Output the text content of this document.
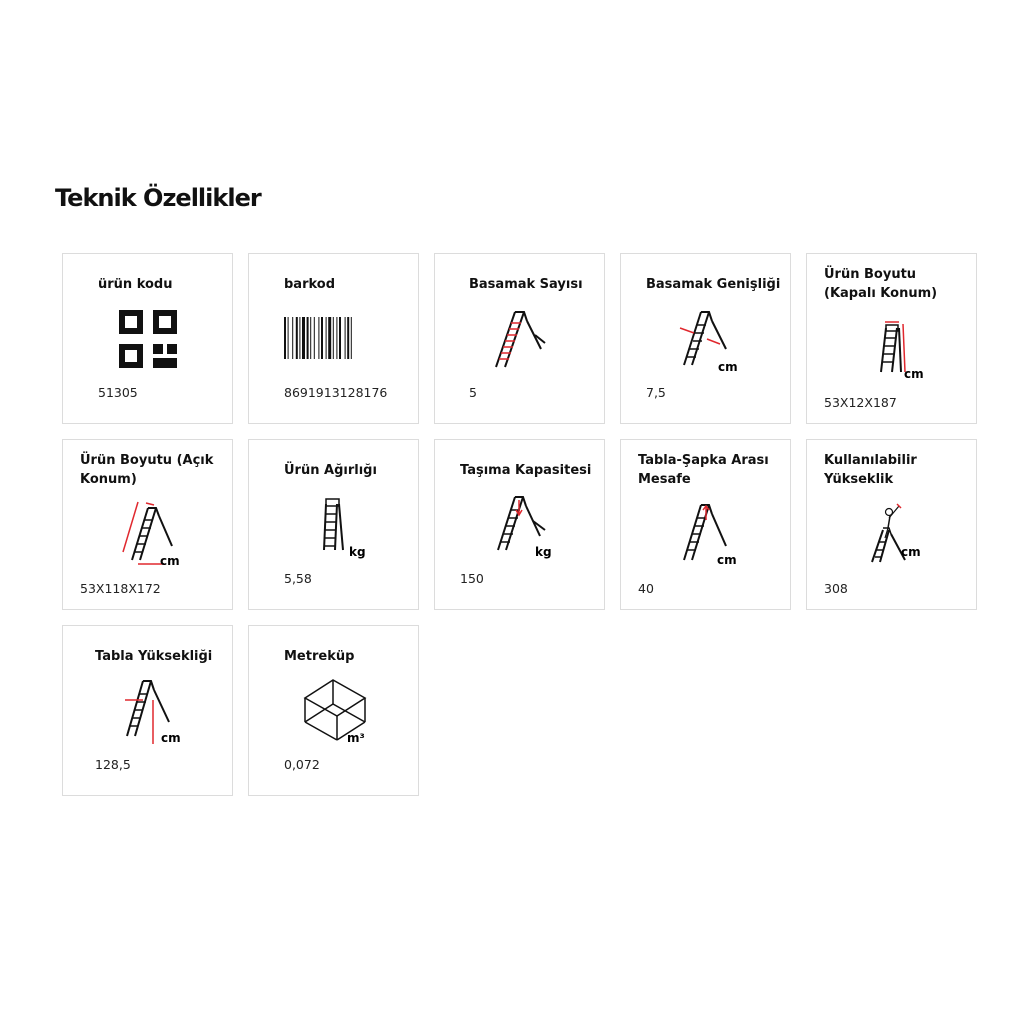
Teknik Özellikler

ürün kodu

51305

barkod

8691913128176

Basamak Sayısı

5

Basamak Genişliği

cm
7,5

Ürün Boyutu (Kapalı Konum)

cm
53X12X187

Ürün Boyutu (Açık Konum)

cm
53X118X172

Ürün Ağırlığı

kg
5,58

Taşıma Kapasitesi

kg
150

Tabla-Şapka Arası Mesafe

cm
40

Kullanılabilir Yükseklik

cm
308

Tabla Yüksekliği

cm
128,5

Metreküp

m³
0,072
